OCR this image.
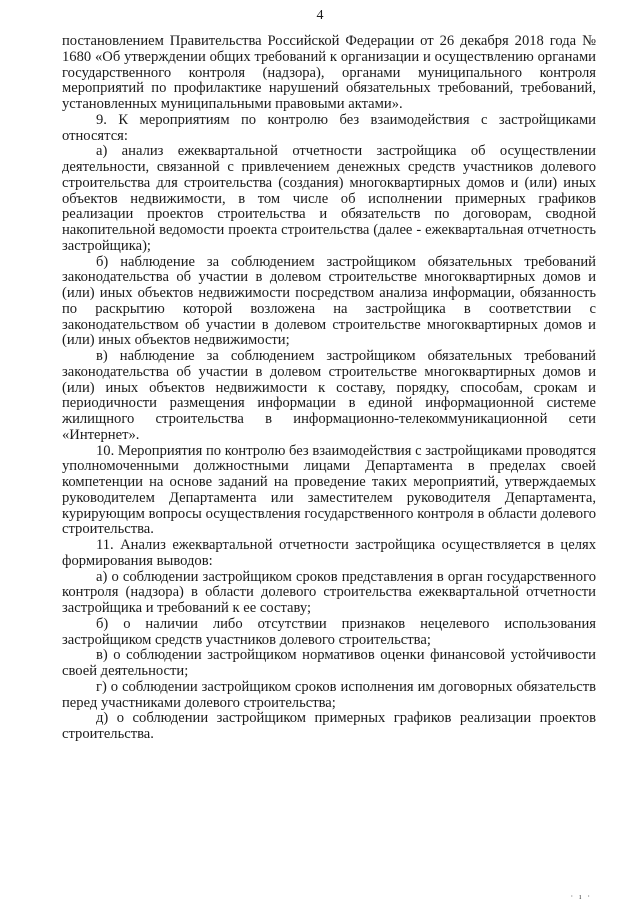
4

постановлением Правительства Российской Федерации от 26 декабря 2018 года № 1680 «Об утверждении общих требований к организации и осуществлению органами государственного контроля (надзора), органами муниципального контроля мероприятий по профилактике нарушений обязательных требований, требований, установленных муниципальными правовыми актами».

9. К мероприятиям по контролю без взаимодействия с застройщиками относятся:

а) анализ ежеквартальной отчетности застройщика об осуществлении деятельности, связанной с привлечением денежных средств участников долевого строительства для строительства (создания) многоквартирных домов и (или) иных объектов недвижимости, в том числе об исполнении примерных графиков реализации проектов строительства и обязательств по договорам, сводной накопительной ведомости проекта строительства (далее - ежеквартальная отчетность застройщика);

б) наблюдение за соблюдением застройщиком обязательных требований законодательства об участии в долевом строительстве многоквартирных домов и (или) иных объектов недвижимости посредством анализа информации, обязанность по раскрытию которой возложена на застройщика в соответствии с законодательством об участии в долевом строительстве многоквартирных домов и (или) иных объектов недвижимости;

в) наблюдение за соблюдением застройщиком обязательных требований законодательства об участии в долевом строительстве многоквартирных домов и (или) иных объектов недвижимости к составу, порядку, способам, срокам и периодичности размещения информации в единой информационной системе жилищного строительства в информационно-телекоммуникационной сети «Интернет».

10. Мероприятия по контролю без взаимодействия с застройщиками проводятся уполномоченными должностными лицами Департамента в пределах своей компетенции на основе заданий на проведение таких мероприятий, утверждаемых руководителем Департамента или заместителем руководителя Департамента, курирующим вопросы осуществления государственного контроля в области долевого строительства.

11. Анализ ежеквартальной отчетности застройщика осуществляется в целях формирования выводов:

а) о соблюдении застройщиком сроков представления в орган государственного контроля (надзора) в области долевого строительства ежеквартальной отчетности застройщика и требований к ее составу;

б) о наличии либо отсутствии признаков нецелевого использования застройщиком средств участников долевого строительства;

в) о соблюдении застройщиком нормативов оценки финансовой устойчивости своей деятельности;

г) о соблюдении застройщиком сроков исполнения им договорных обязательств перед участниками долевого строительства;

д) о соблюдении застройщиком примерных графиков реализации проектов строительства.

· ı ·
